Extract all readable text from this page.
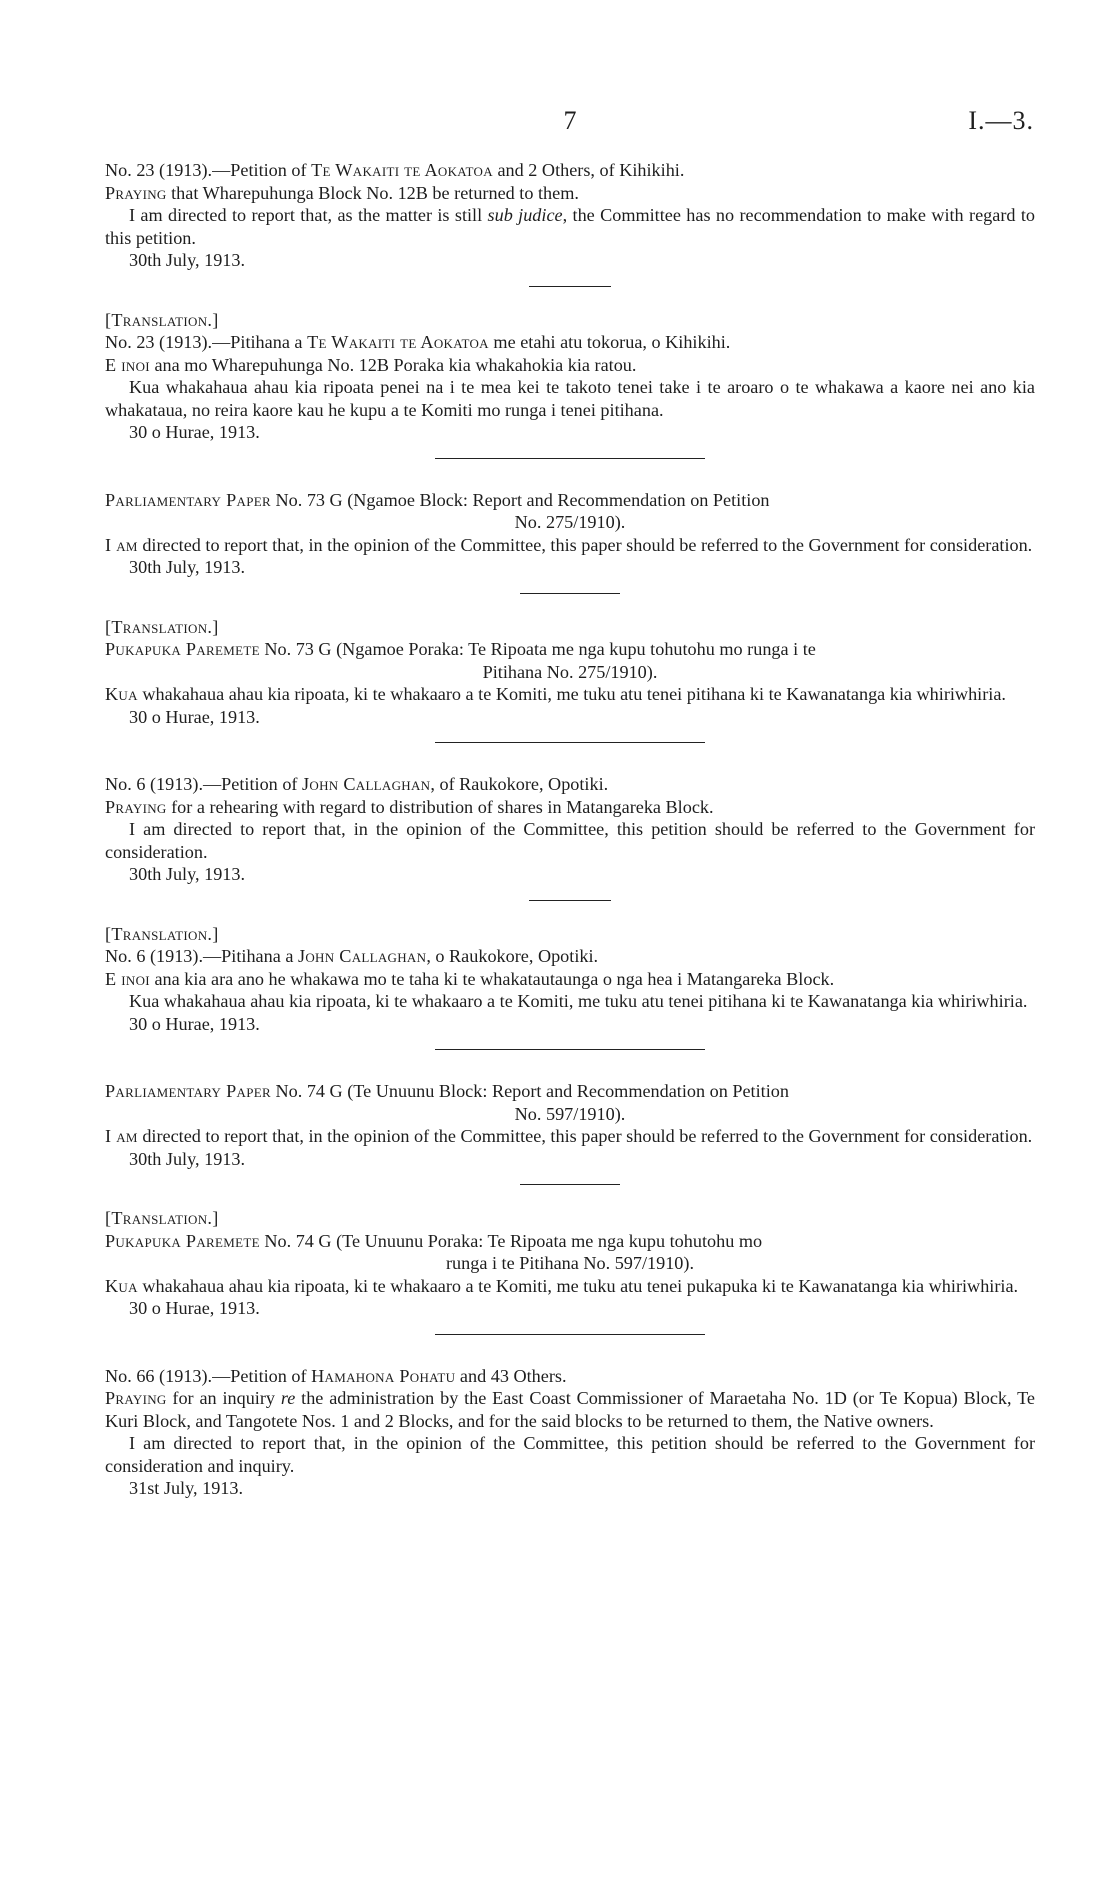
7	I.—3.

No. 23 (1913).—Petition of Te Wakaiti te Aokatoa and 2 Others, of Kihikihi.

Praying that Wharepuhunga Block No. 12B be returned to them.

I am directed to report that, as the matter is still sub judice, the Committee has no recommendation to make with regard to this petition.

30th July, 1913.

[Translation.]

No. 23 (1913).—Pitihana a Te Wakaiti te Aokatoa me etahi atu tokorua, o Kihikihi.

E inoi ana mo Wharepuhunga No. 12B Poraka kia whakahokia kia ratou.

Kua whakahaua ahau kia ripoata penei na i te mea kei te takoto tenei take i te aroaro o te whakawa a kaore nei ano kia whakataua, no reira kaore kau he kupu a te Komiti mo runga i tenei pitihana.

30 o Hurae, 1913.

Parliamentary Paper No. 73 G (Ngamoe Block: Report and Recommendation on Petition
No. 275/1910).

I am directed to report that, in the opinion of the Committee, this paper should be referred to the Government for consideration.

30th July, 1913.

[Translation.]

Pukapuka Paremete No. 73 G (Ngamoe Poraka: Te Ripoata me nga kupu tohutohu mo runga i te
Pitihana No. 275/1910).

Kua whakahaua ahau kia ripoata, ki te whakaaro a te Komiti, me tuku atu tenei pitihana ki te Kawanatanga kia whiriwhiria.

30 o Hurae, 1913.

No. 6 (1913).—Petition of John Callaghan, of Raukokore, Opotiki.

Praying for a rehearing with regard to distribution of shares in Matangareka Block.

I am directed to report that, in the opinion of the Committee, this petition should be referred to the Government for consideration.

30th July, 1913.

[Translation.]

No. 6 (1913).—Pitihana a John Callaghan, o Raukokore, Opotiki.

E inoi ana kia ara ano he whakawa mo te taha ki te whakatautaunga o nga hea i Matangareka Block.

Kua whakahaua ahau kia ripoata, ki te whakaaro a te Komiti, me tuku atu tenei pitihana ki te Kawanatanga kia whiriwhiria.

30 o Hurae, 1913.

Parliamentary Paper No. 74 G (Te Unuunu Block: Report and Recommendation on Petition
No. 597/1910).

I am directed to report that, in the opinion of the Committee, this paper should be referred to the Government for consideration.

30th July, 1913.

[Translation.]

Pukapuka Paremete No. 74 G (Te Unuunu Poraka: Te Ripoata me nga kupu tohutohu mo
runga i te Pitihana No. 597/1910).

Kua whakahaua ahau kia ripoata, ki te whakaaro a te Komiti, me tuku atu tenei pukapuka ki te Kawanatanga kia whiriwhiria.

30 o Hurae, 1913.

No. 66 (1913).—Petition of Hamahona Pohatu and 43 Others.

Praying for an inquiry re the administration by the East Coast Commissioner of Maraetaha No. 1D (or Te Kopua) Block, Te Kuri Block, and Tangotete Nos. 1 and 2 Blocks, and for the said blocks to be returned to them, the Native owners.

I am directed to report that, in the opinion of the Committee, this petition should be referred to the Government for consideration and inquiry.

31st July, 1913.
